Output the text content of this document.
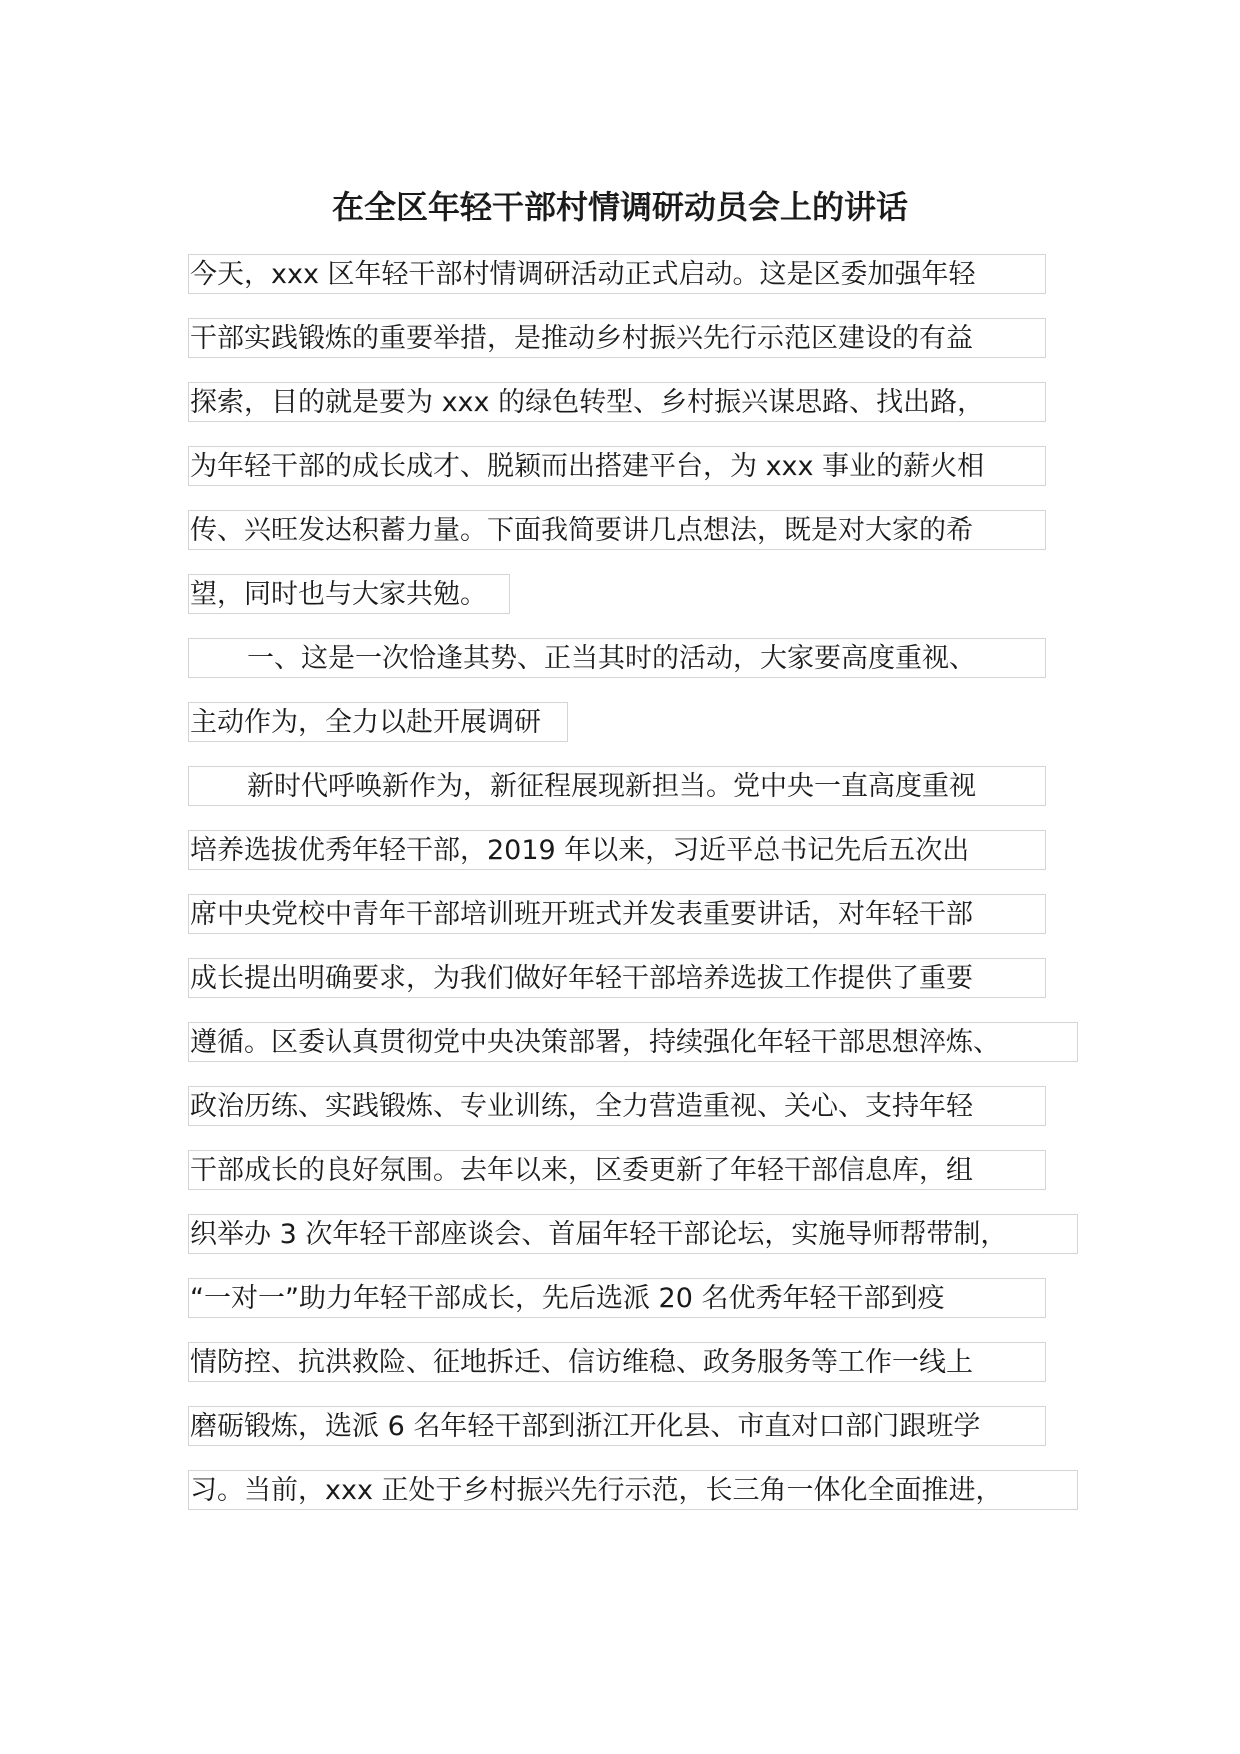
在全区年轻干部村情调研动员会上的讲话
今天，xxx 区年轻干部村情调研活动正式启动。这是区委加强年轻
干部实践锻炼的重要举措，是推动乡村振兴先行示范区建设的有益
探索，目的就是要为 xxx 的绿色转型、乡村振兴谋思路、找出路，
为年轻干部的成长成才、脱颖而出搭建平台，为 xxx 事业的薪火相
传、兴旺发达积蓄力量。下面我简要讲几点想法，既是对大家的希
望，同时也与大家共勉。
一、这是一次恰逢其势、正当其时的活动，大家要高度重视、
主动作为，全力以赴开展调研
新时代呼唤新作为，新征程展现新担当。党中央一直高度重视
培养选拔优秀年轻干部，2019 年以来，习近平总书记先后五次出
席中央党校中青年干部培训班开班式并发表重要讲话，对年轻干部
成长提出明确要求，为我们做好年轻干部培养选拔工作提供了重要
遵循。区委认真贯彻党中央决策部署，持续强化年轻干部思想淬炼、
政治历练、实践锻炼、专业训练，全力营造重视、关心、支持年轻
干部成长的良好氛围。去年以来，区委更新了年轻干部信息库，组
织举办 3 次年轻干部座谈会、首届年轻干部论坛，实施导师帮带制，
“一对一”助力年轻干部成长，先后选派 20 名优秀年轻干部到疫
情防控、抗洪救险、征地拆迁、信访维稳、政务服务等工作一线上
磨砺锻炼，选派 6 名年轻干部到浙江开化县、市直对口部门跟班学
习。当前，xxx 正处于乡村振兴先行示范，长三角一体化全面推进，
